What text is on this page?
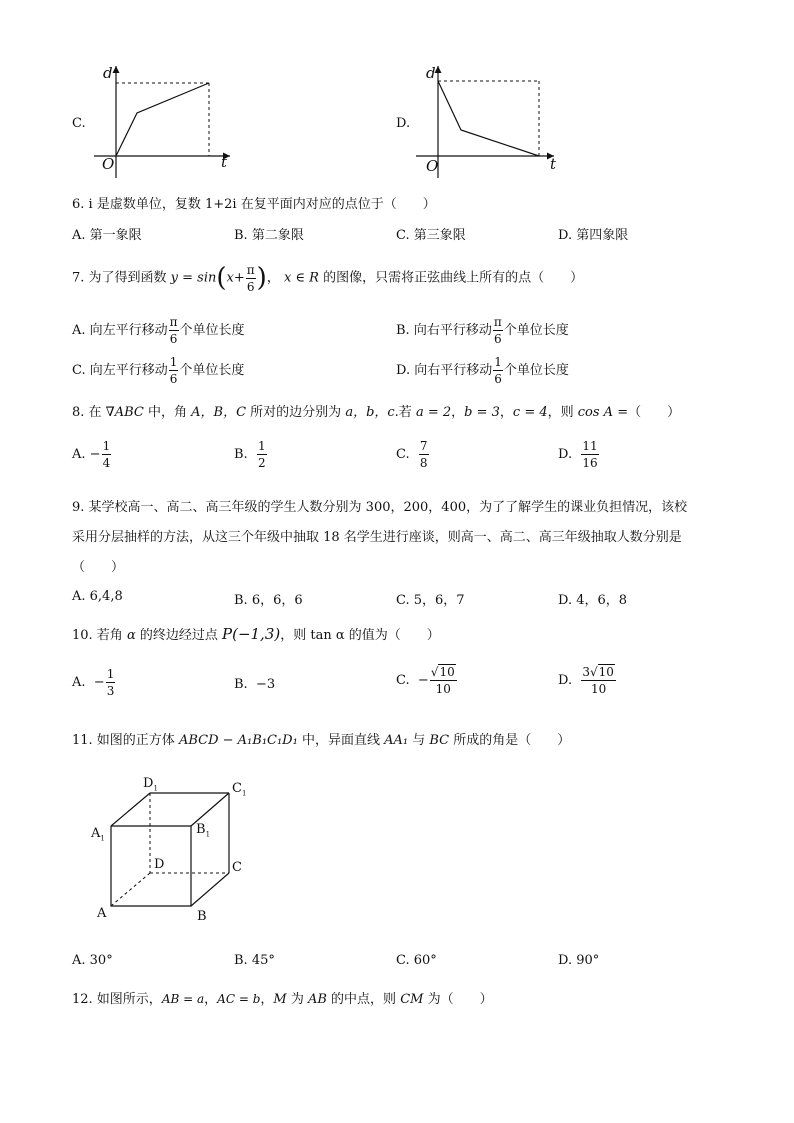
C.
d
t
O
D.
d
t
O
6. i 是虚数单位，复数 1+2i 在复平面内对应的点位于（　　）
A. 第一象限	B. 第二象限	C. 第三象限	D. 第四象限
7. 为了得到函数 $y = \sin(x+ \frac{\pi}{6}$ )， x ∈ R 的图像，只需将正弦曲线上所有的点（　　）
A. 向左平行移动 $\frac{\pi}{6}$ 个单位长度	B. 向右平行移动 $\frac{\pi}{6}$ 个单位长度
C. 向左平行移动 $\frac{1}{6}$ 个单位长度	D. 向右平行移动 $\frac{1}{6}$ 个单位长度
8. 在 ∇ABC 中，角 A，B，C 所对的边分别为 a，b，c.若 a = 2，b = 3，c = 4，则 cos A =（　　）
A. − $\frac{1}{4}$	B. $\frac{1}{2}$	C. $\frac{7}{8}$	D. $\frac{11}{16}$
9. 某学校高一、高二、高三年级的学生人数分别为 300，200，400，为了了解学生的课业负担情况，该校
采用分层抽样的方法，从这三个年级中抽取 18 名学生进行座谈，则高一、高二、高三年级抽取人数分别是
（　　）
A. 6,4,8	B. 6，6，6	C. 5，6，7	D. 4，6，8
10. 若角 α 的终边经过点 P(−1,3)，则 tan α 的值为（　　）
A. − $\frac{1}{3}$	B. −3	C. − $\frac{√10}{10}$	D. $\frac{3√10}{10}$
11. 如图的正方体 ABCD − A₁B₁C₁D₁ 中，异面直线 AA₁ 与 BC 所成的角是（　　）
$D_1$	$C_1$
$A_1$
$B_1$
D	C
A	B
A. 30°	B. 45°	C. 60°	D. 90°
12. 如图所示，AB = a，AC = b，M 为 AB 的中点，则 CM 为（　　）
